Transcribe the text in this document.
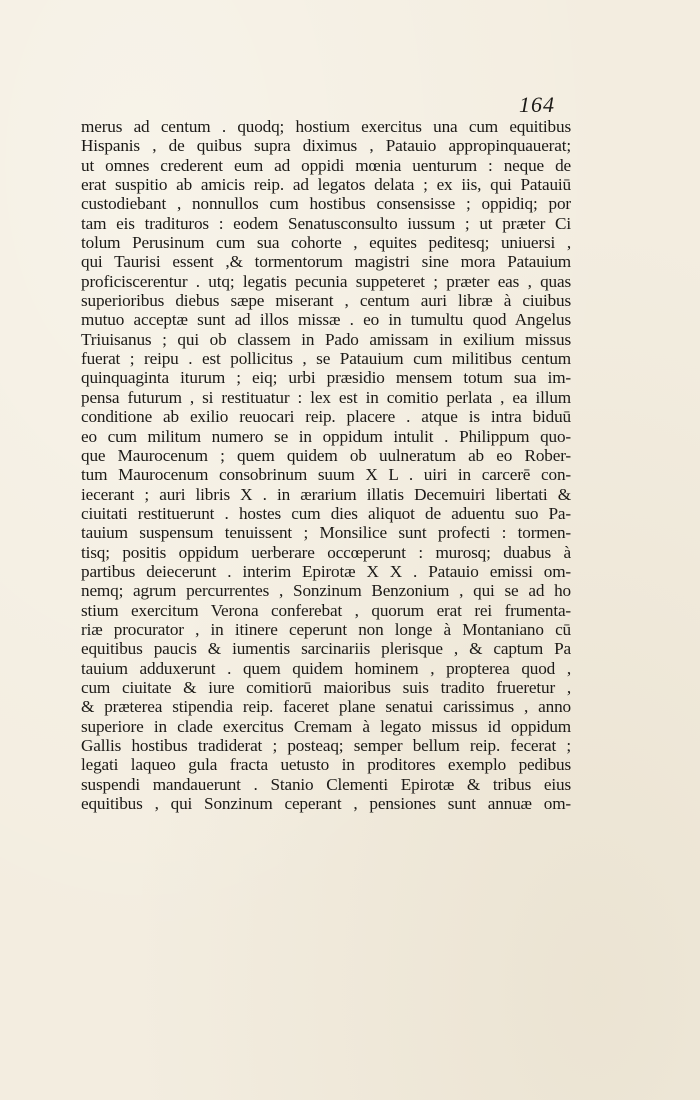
164
merus ad centum . quodq; hostium exercitus una cum equitibus
Hispanis , de quibus supra diximus , Patauio appropinquauerat;
ut omnes crederent eum ad oppidi mœnia uenturum : neque de
erat suspitio ab amicis reip. ad legatos delata ; ex iis, qui Patauiū
custodiebant , nonnullos cum hostibus consensisse ; oppidiq; por
tam eis tradituros : eodem Senatusconsulto iussum ; ut præter Ci
tolum Perusinum cum sua cohorte , equites peditesq; uniuersi ,
qui Taurisi essent ,& tormentorum magistri sine mora Patauium
proficiscerentur . utq; legatis pecunia suppeteret ; præter eas , quas
superioribus diebus sæpe miserant , centum auri libræ à ciuibus
mutuo acceptæ sunt ad illos missæ . eo in tumultu quod Angelus
Triuisanus ; qui ob classem in Pado amissam in exilium missus
fuerat ; reipu . est pollicitus , se Patauium cum militibus centum
quinquaginta iturum ; eiq; urbi præsidio mensem totum sua im-
pensa futurum , si restituatur : lex est in comitio perlata , ea illum
conditione ab exilio reuocari reip. placere . atque is intra biduū
eo cum militum numero se in oppidum intulit . Philippum quo-
que Maurocenum ; quem quidem ob uulneratum ab eo Rober-
tum Maurocenum consobrinum suum X L . uiri in carcerē con-
iecerant ; auri libris X . in ærarium illatis Decemuiri libertati &
ciuitati restituerunt . hostes cum dies aliquot de aduentu suo Pa-
tauium suspensum tenuissent ; Monsilice sunt profecti : tormen-
tisq; positis oppidum uerberare occœperunt : murosq; duabus à
partibus deiecerunt . interim Epirotæ X X . Patauio emissi om-
nemq; agrum percurrentes , Sonzinum Benzonium , qui se ad ho
stium exercitum Verona conferebat , quorum erat rei frumenta-
riæ procurator , in itinere ceperunt non longe à Montaniano cū
equitibus paucis & iumentis sarcinariis plerisque , & captum Pa
tauium adduxerunt . quem quidem hominem , propterea quod ,
cum ciuitate & iure comitiorū maioribus suis tradito frueretur ,
& præterea stipendia reip. faceret plane senatui carissimus , anno
superiore in clade exercitus Cremam à legato missus id oppidum
Gallis hostibus tradiderat ; posteaq; semper bellum reip. fecerat ;
legati laqueo gula fracta uetusto in proditores exemplo pedibus
suspendi mandauerunt . Stanio Clementi Epirotæ & tribus eius
equitibus , qui Sonzinum ceperant , pensiones sunt annuæ om-
